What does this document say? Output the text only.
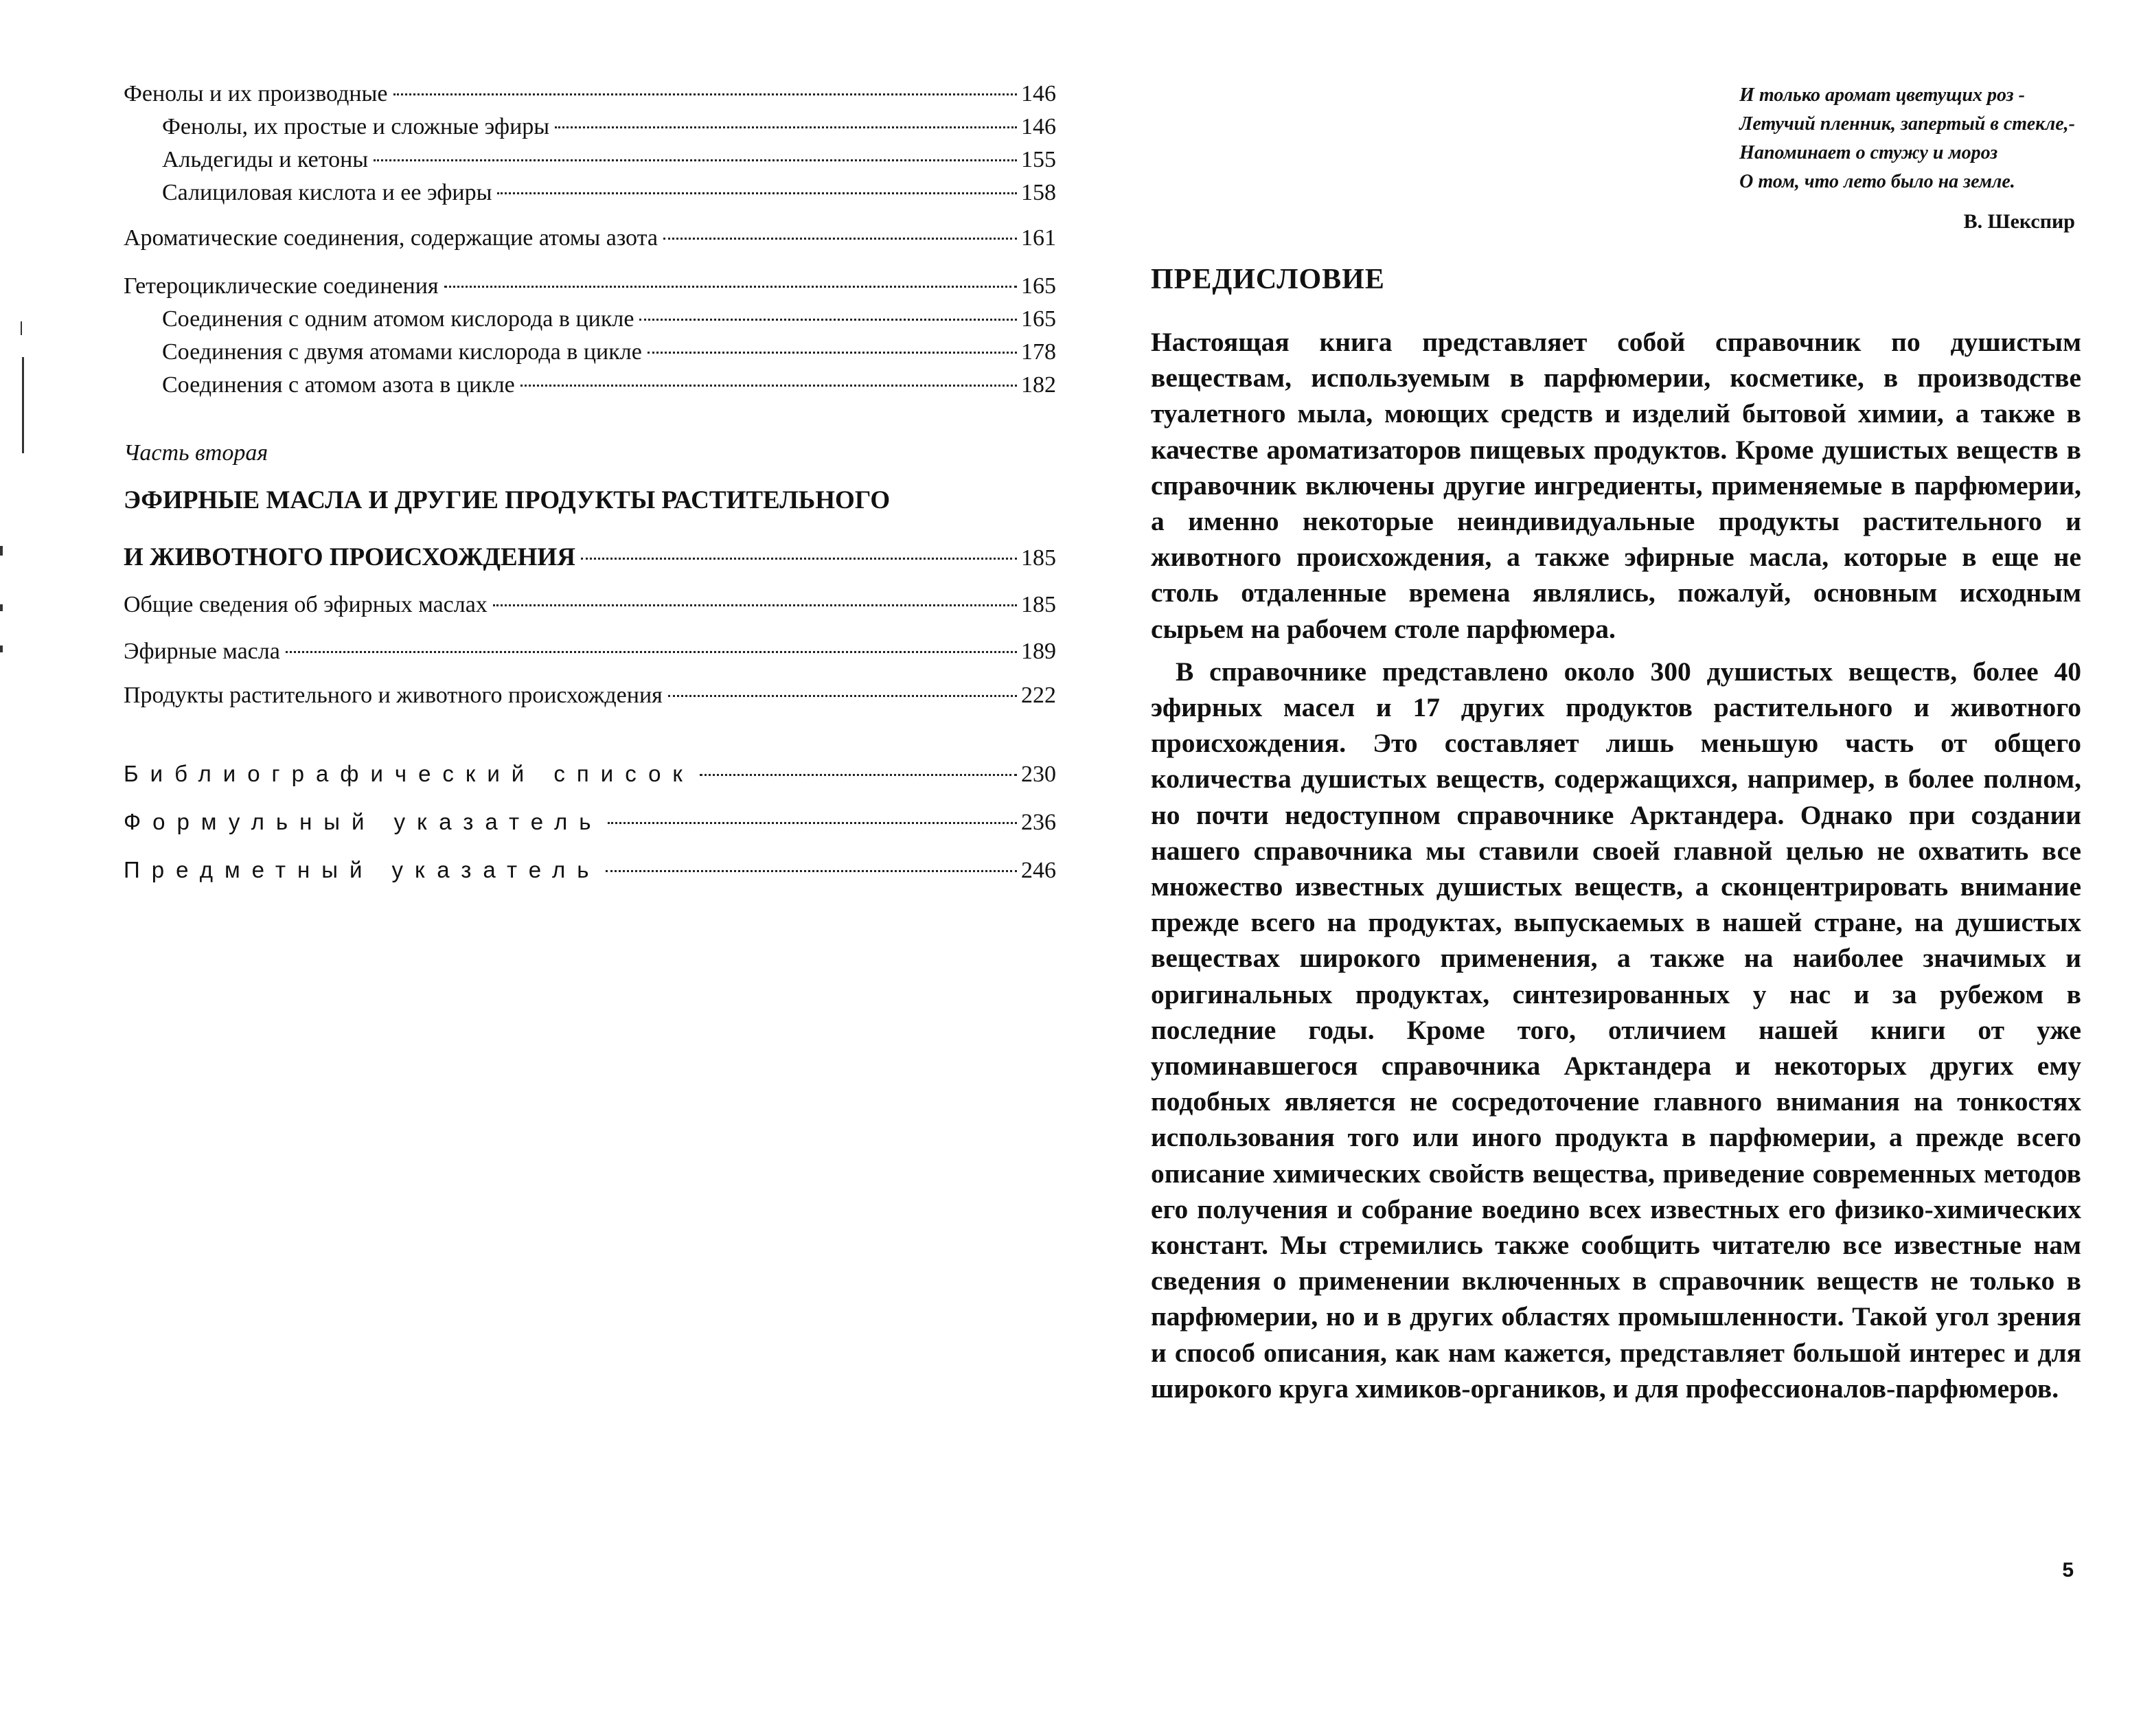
Фенолы и их производные	146
Фенолы, их простые и сложные эфиры	146
Альдегиды и кетоны	155
Салициловая кислота и ее эфиры	158
Ароматические соединения, содержащие атомы азота	161
Гетероциклические соединения	165
Соединения с одним атомом кислорода в цикле	165
Соединения с двумя атомами кислорода в цикле	178
Соединения с атомом азота в цикле	182
Часть вторая
ЭФИРНЫЕ МАСЛА И ДРУГИЕ ПРОДУКТЫ РАСТИТЕЛЬНОГО
И ЖИВОТНОГО ПРОИСХОЖДЕНИЯ	185
Общие сведения об эфирных маслах	185
Эфирные масла	189
Продукты растительного и животного происхождения	222
Библиографический список	230
Формульный указатель	236
Предметный указатель	246
И только аромат цветущих роз -
Летучий пленник, запертый в стекле,-
Напоминает о стужу и мороз
О том, что лето было на земле.
В. Шекспир
ПРЕДИСЛОВИЕ

Настоящая книга представляет собой справочник по душистым веществам, используемым в парфюмерии, косметике, в производстве туалетного мыла, моющих средств и изделий бытовой химии, а также в качестве ароматизаторов пищевых продуктов. Кроме душистых веществ в справочник включены другие ингредиенты, применяемые в парфюмерии, а именно некоторые неиндивидуальные продукты растительного и животного происхождения, а также эфирные масла, которые в еще не столь отдаленные времена являлись, пожалуй, основным исходным сырьем на рабочем столе парфюмера.

В справочнике представлено около 300 душистых веществ, более 40 эфирных масел и 17 других продуктов растительного и животного происхождения. Это составляет лишь меньшую часть от общего количества душистых веществ, содержащихся, например, в более полном, но почти недоступном справочнике Арктандера. Однако при создании нашего справочника мы ставили своей главной целью не охватить все множество известных душистых веществ, а сконцентрировать внимание прежде всего на продуктах, выпускаемых в нашей стране, на душистых веществах широкого применения, а также на наиболее значимых и оригинальных продуктах, синтезированных у нас и за рубежом в последние годы. Кроме того, отличием нашей книги от уже упоминавшегося справочника Арктандера и некоторых других ему подобных является не сосредоточение главного внимания на тонкостях использования того или иного продукта в парфюмерии, а прежде всего описание химических свойств вещества, приведение современных методов его получения и собрание воедино всех известных его физико-химических констант. Мы стремились также сообщить читателю все известные нам сведения о применении включенных в справочник веществ не только в парфюмерии, но и в других областях промышленности. Такой угол зрения и способ описания, как нам кажется, представляет большой интерес и для широкого круга химиков-органиков, и для профессионалов-парфюмеров.

5
